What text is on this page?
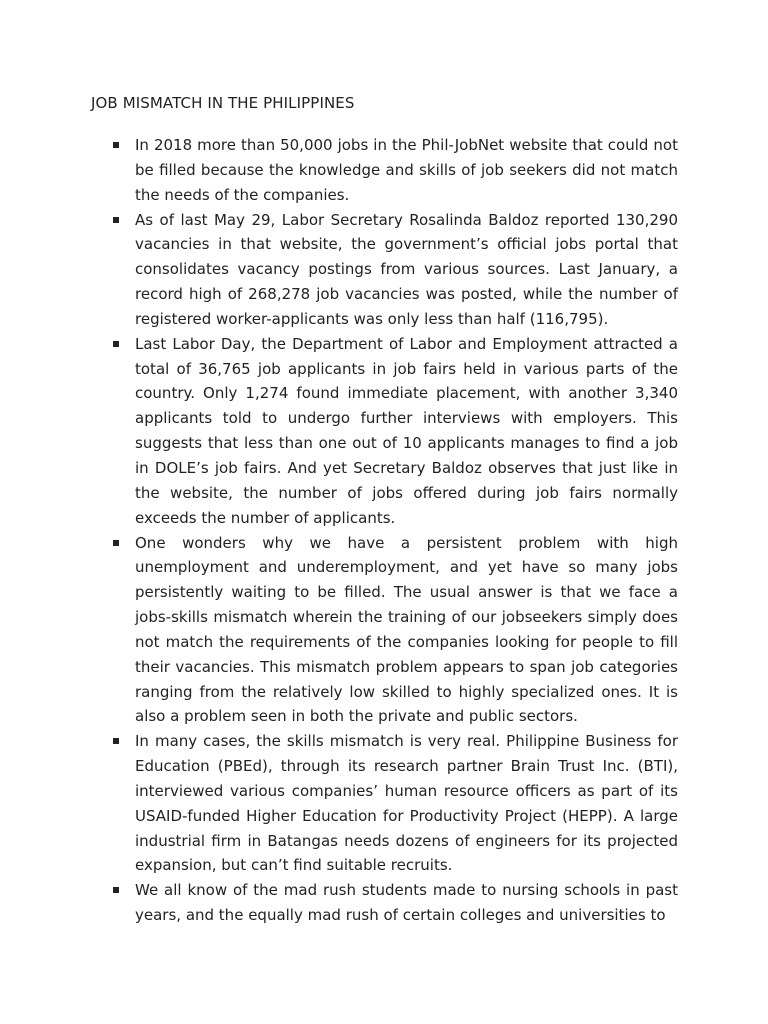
JOB MISMATCH IN THE PHILIPPINES
In 2018 more than 50,000 jobs in the Phil-JobNet website that could not be filled because the knowledge and skills of job seekers did not match the needs of the companies.
As of last May 29, Labor Secretary Rosalinda Baldoz reported 130,290 vacancies in that website, the government’s official jobs portal that consolidates vacancy postings from various sources. Last January, a record high of 268,278 job vacancies was posted, while the number of registered worker-applicants was only less than half (116,795).
Last Labor Day, the Department of Labor and Employment attracted a total of 36,765 job applicants in job fairs held in various parts of the country. Only 1,274 found immediate placement, with another 3,340 applicants told to undergo further interviews with employers. This suggests that less than one out of 10 applicants manages to find a job in DOLE’s job fairs. And yet Secretary Baldoz observes that just like in the website, the number of jobs offered during job fairs normally exceeds the number of applicants.
One wonders why we have a persistent problem with high unemployment and underemployment, and yet have so many jobs persistently waiting to be filled. The usual answer is that we face a jobs-skills mismatch wherein the training of our jobseekers simply does not match the requirements of the companies looking for people to fill their vacancies. This mismatch problem appears to span job categories ranging from the relatively low skilled to highly specialized ones. It is also a problem seen in both the private and public sectors.
In many cases, the skills mismatch is very real. Philippine Business for Education (PBEd), through its research partner Brain Trust Inc. (BTI), interviewed various companies’ human resource officers as part of its USAID-funded Higher Education for Productivity Project (HEPP). A large industrial firm in Batangas needs dozens of engineers for its projected expansion, but can’t find suitable recruits.
We all know of the mad rush students made to nursing schools in past years, and the equally mad rush of certain colleges and universities to
